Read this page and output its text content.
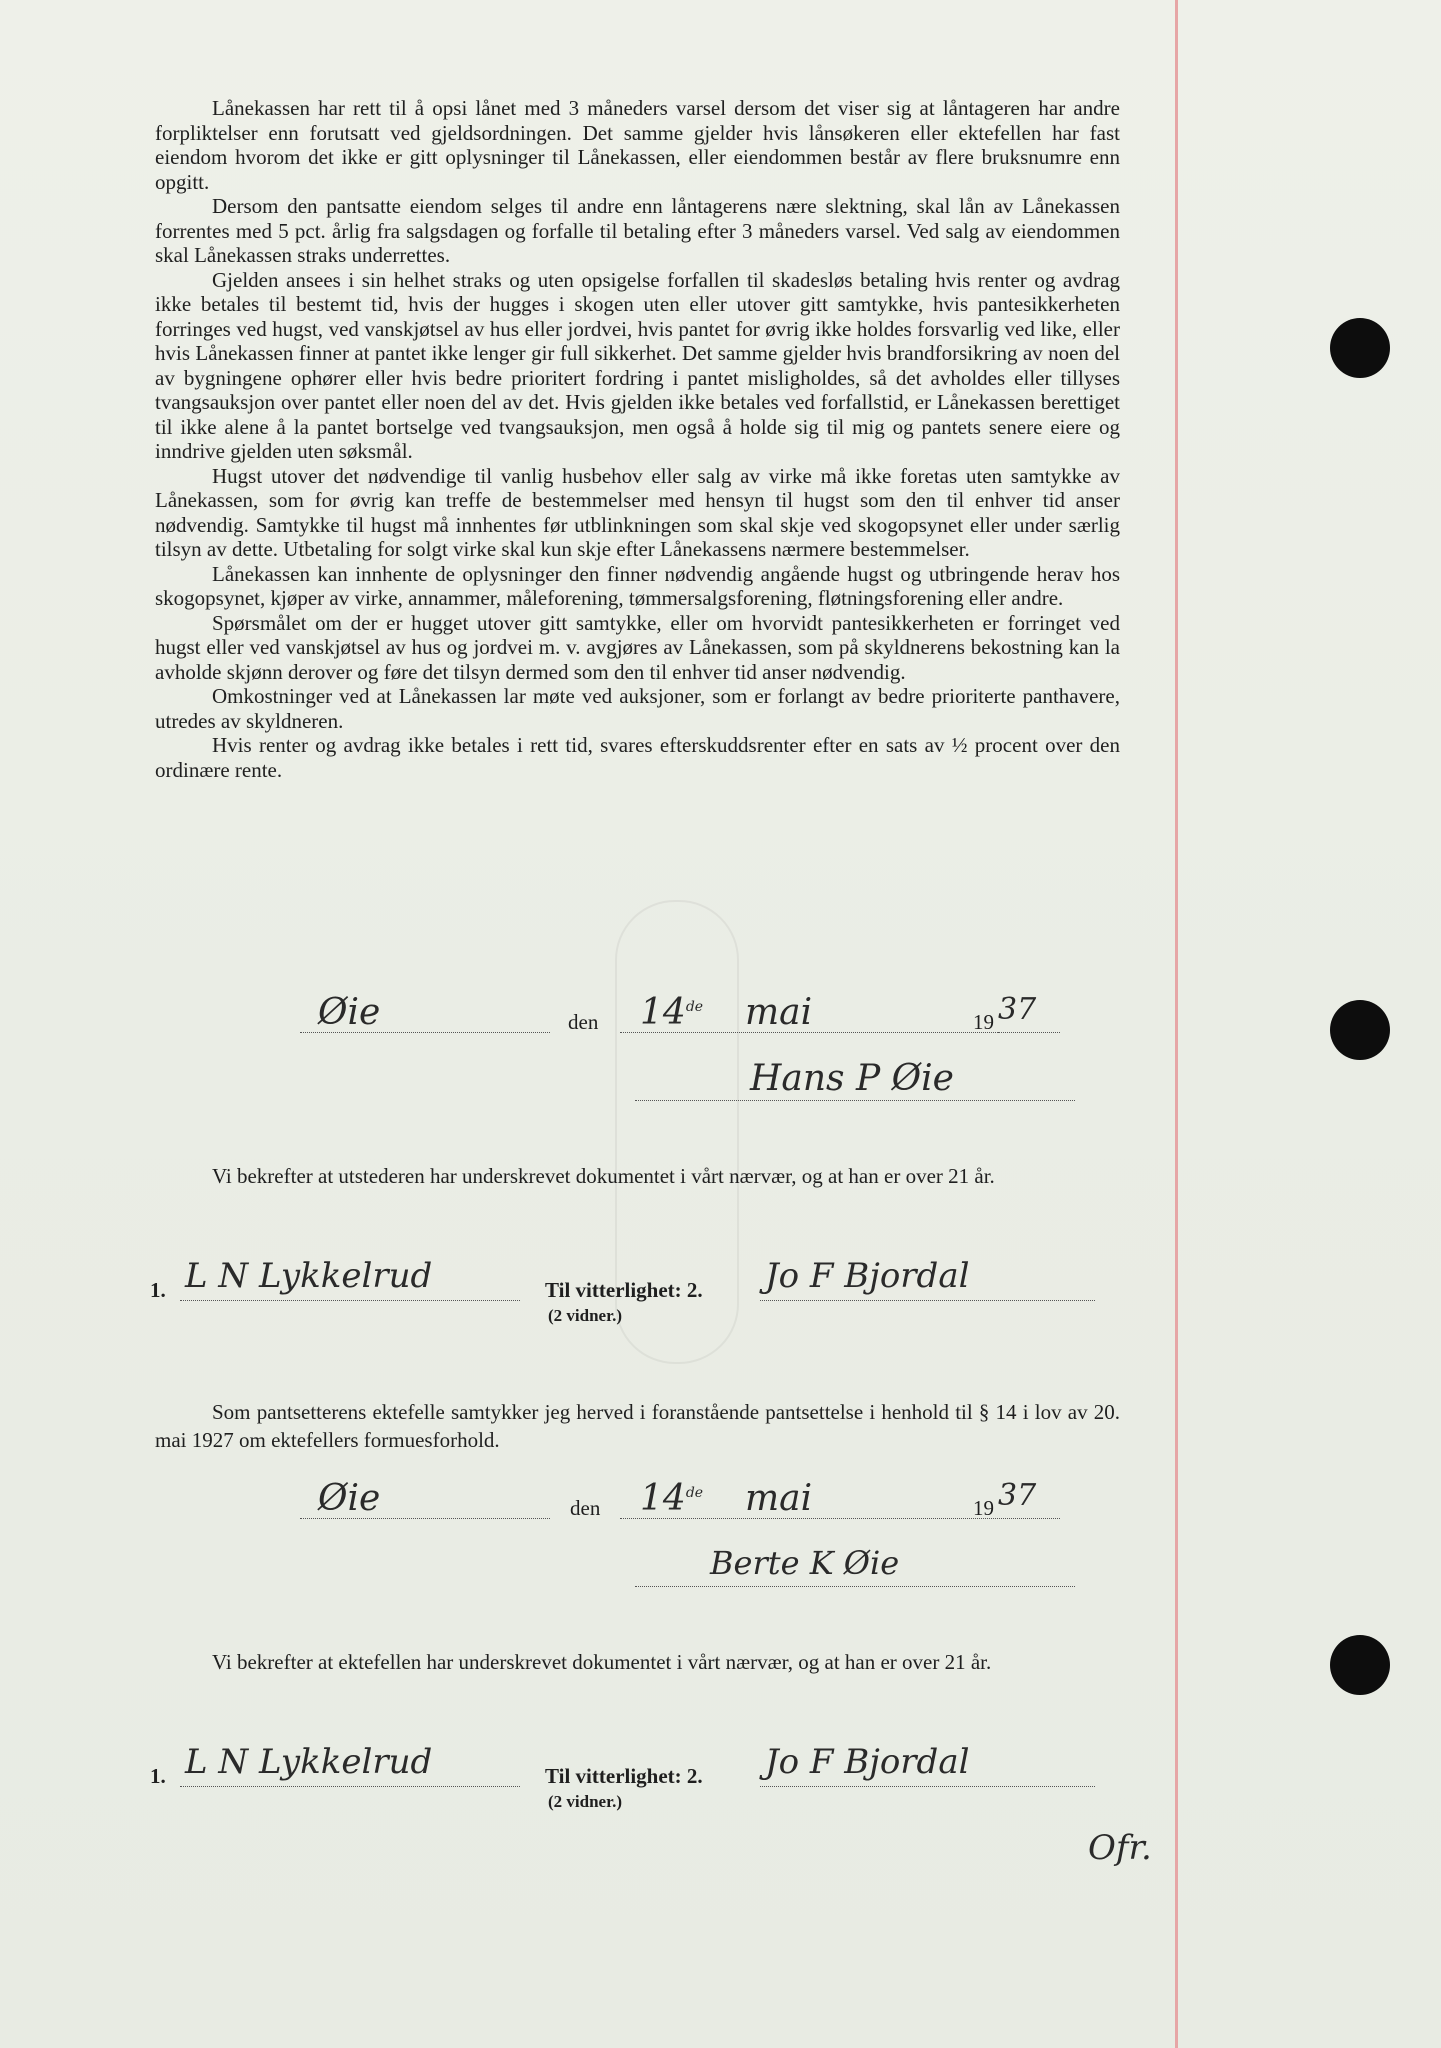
Lånekassen har rett til å opsi lånet med 3 måneders varsel dersom det viser sig at låntageren har andre forpliktelser enn forutsatt ved gjeldsordningen. Det samme gjelder hvis lånsøkeren eller ektefellen har fast eiendom hvorom det ikke er gitt oplysninger til Lånekassen, eller eiendommen består av flere bruksnumre enn opgitt.

Dersom den pantsatte eiendom selges til andre enn låntagerens nære slektning, skal lån av Lånekassen forrentes med 5 pct. årlig fra salgsdagen og forfalle til betaling efter 3 måneders varsel. Ved salg av eiendommen skal Lånekassen straks underrettes.

Gjelden ansees i sin helhet straks og uten opsigelse forfallen til skadesløs betaling hvis renter og avdrag ikke betales til bestemt tid, hvis der hugges i skogen uten eller utover gitt samtykke, hvis pantesikkerheten forringes ved hugst, ved vanskjøtsel av hus eller jordvei, hvis pantet for øvrig ikke holdes forsvarlig ved like, eller hvis Lånekassen finner at pantet ikke lenger gir full sikkerhet. Det samme gjelder hvis brandforsikring av noen del av bygningene ophører eller hvis bedre prioritert fordring i pantet misligholdes, så det avholdes eller tillyses tvangsauksjon over pantet eller noen del av det. Hvis gjelden ikke betales ved forfallstid, er Lånekassen berettiget til ikke alene å la pantet bortselge ved tvangsauksjon, men også å holde sig til mig og pantets senere eiere og inndrive gjelden uten søksmål.

Hugst utover det nødvendige til vanlig husbehov eller salg av virke må ikke foretas uten samtykke av Lånekassen, som for øvrig kan treffe de bestemmelser med hensyn til hugst som den til enhver tid anser nødvendig. Samtykke til hugst må innhentes før utblinkningen som skal skje ved skogopsynet eller under særlig tilsyn av dette. Utbetaling for solgt virke skal kun skje efter Lånekassens nærmere bestemmelser.

Lånekassen kan innhente de oplysninger den finner nødvendig angående hugst og utbringende herav hos skogopsynet, kjøper av virke, annammer, måleforening, tømmersalgsforening, fløtningsforening eller andre.

Spørsmålet om der er hugget utover gitt samtykke, eller om hvorvidt pantesikkerheten er forringet ved hugst eller ved vanskjøtsel av hus og jordvei m. v. avgjøres av Lånekassen, som på skyldnerens bekostning kan la avholde skjønn derover og føre det tilsyn dermed som den til enhver tid anser nødvendig.

Omkostninger ved at Lånekassen lar møte ved auksjoner, som er forlangt av bedre prioriterte panthavere, utredes av skyldneren.

Hvis renter og avdrag ikke betales i rett tid, svares efterskuddsrenter efter en sats av ½ procent over den ordinære rente.

Øie	den 14de mai	19 37
Hans P Øie
Vi bekrefter at utstederen har underskrevet dokumentet i vårt nærvær, og at han er over 21 år.
1. L N Lykkelrud	Til vitterlighet: 2.
(2 vidner.)
Jo F Bjordal
Som pantsetterens ektefelle samtykker jeg herved i foranstående pantsettelse i henhold til § 14 i lov av 20. mai 1927 om ektefellers formuesforhold.
Øie	den 14de mai	19 37
Berte K Øie
Vi bekrefter at ektefellen har underskrevet dokumentet i vårt nærvær, og at han er over 21 år.
1. L N Lykkelrud	Til vitterlighet: 2.
(2 vidner.)
Jo F Bjordal
Ofr.
